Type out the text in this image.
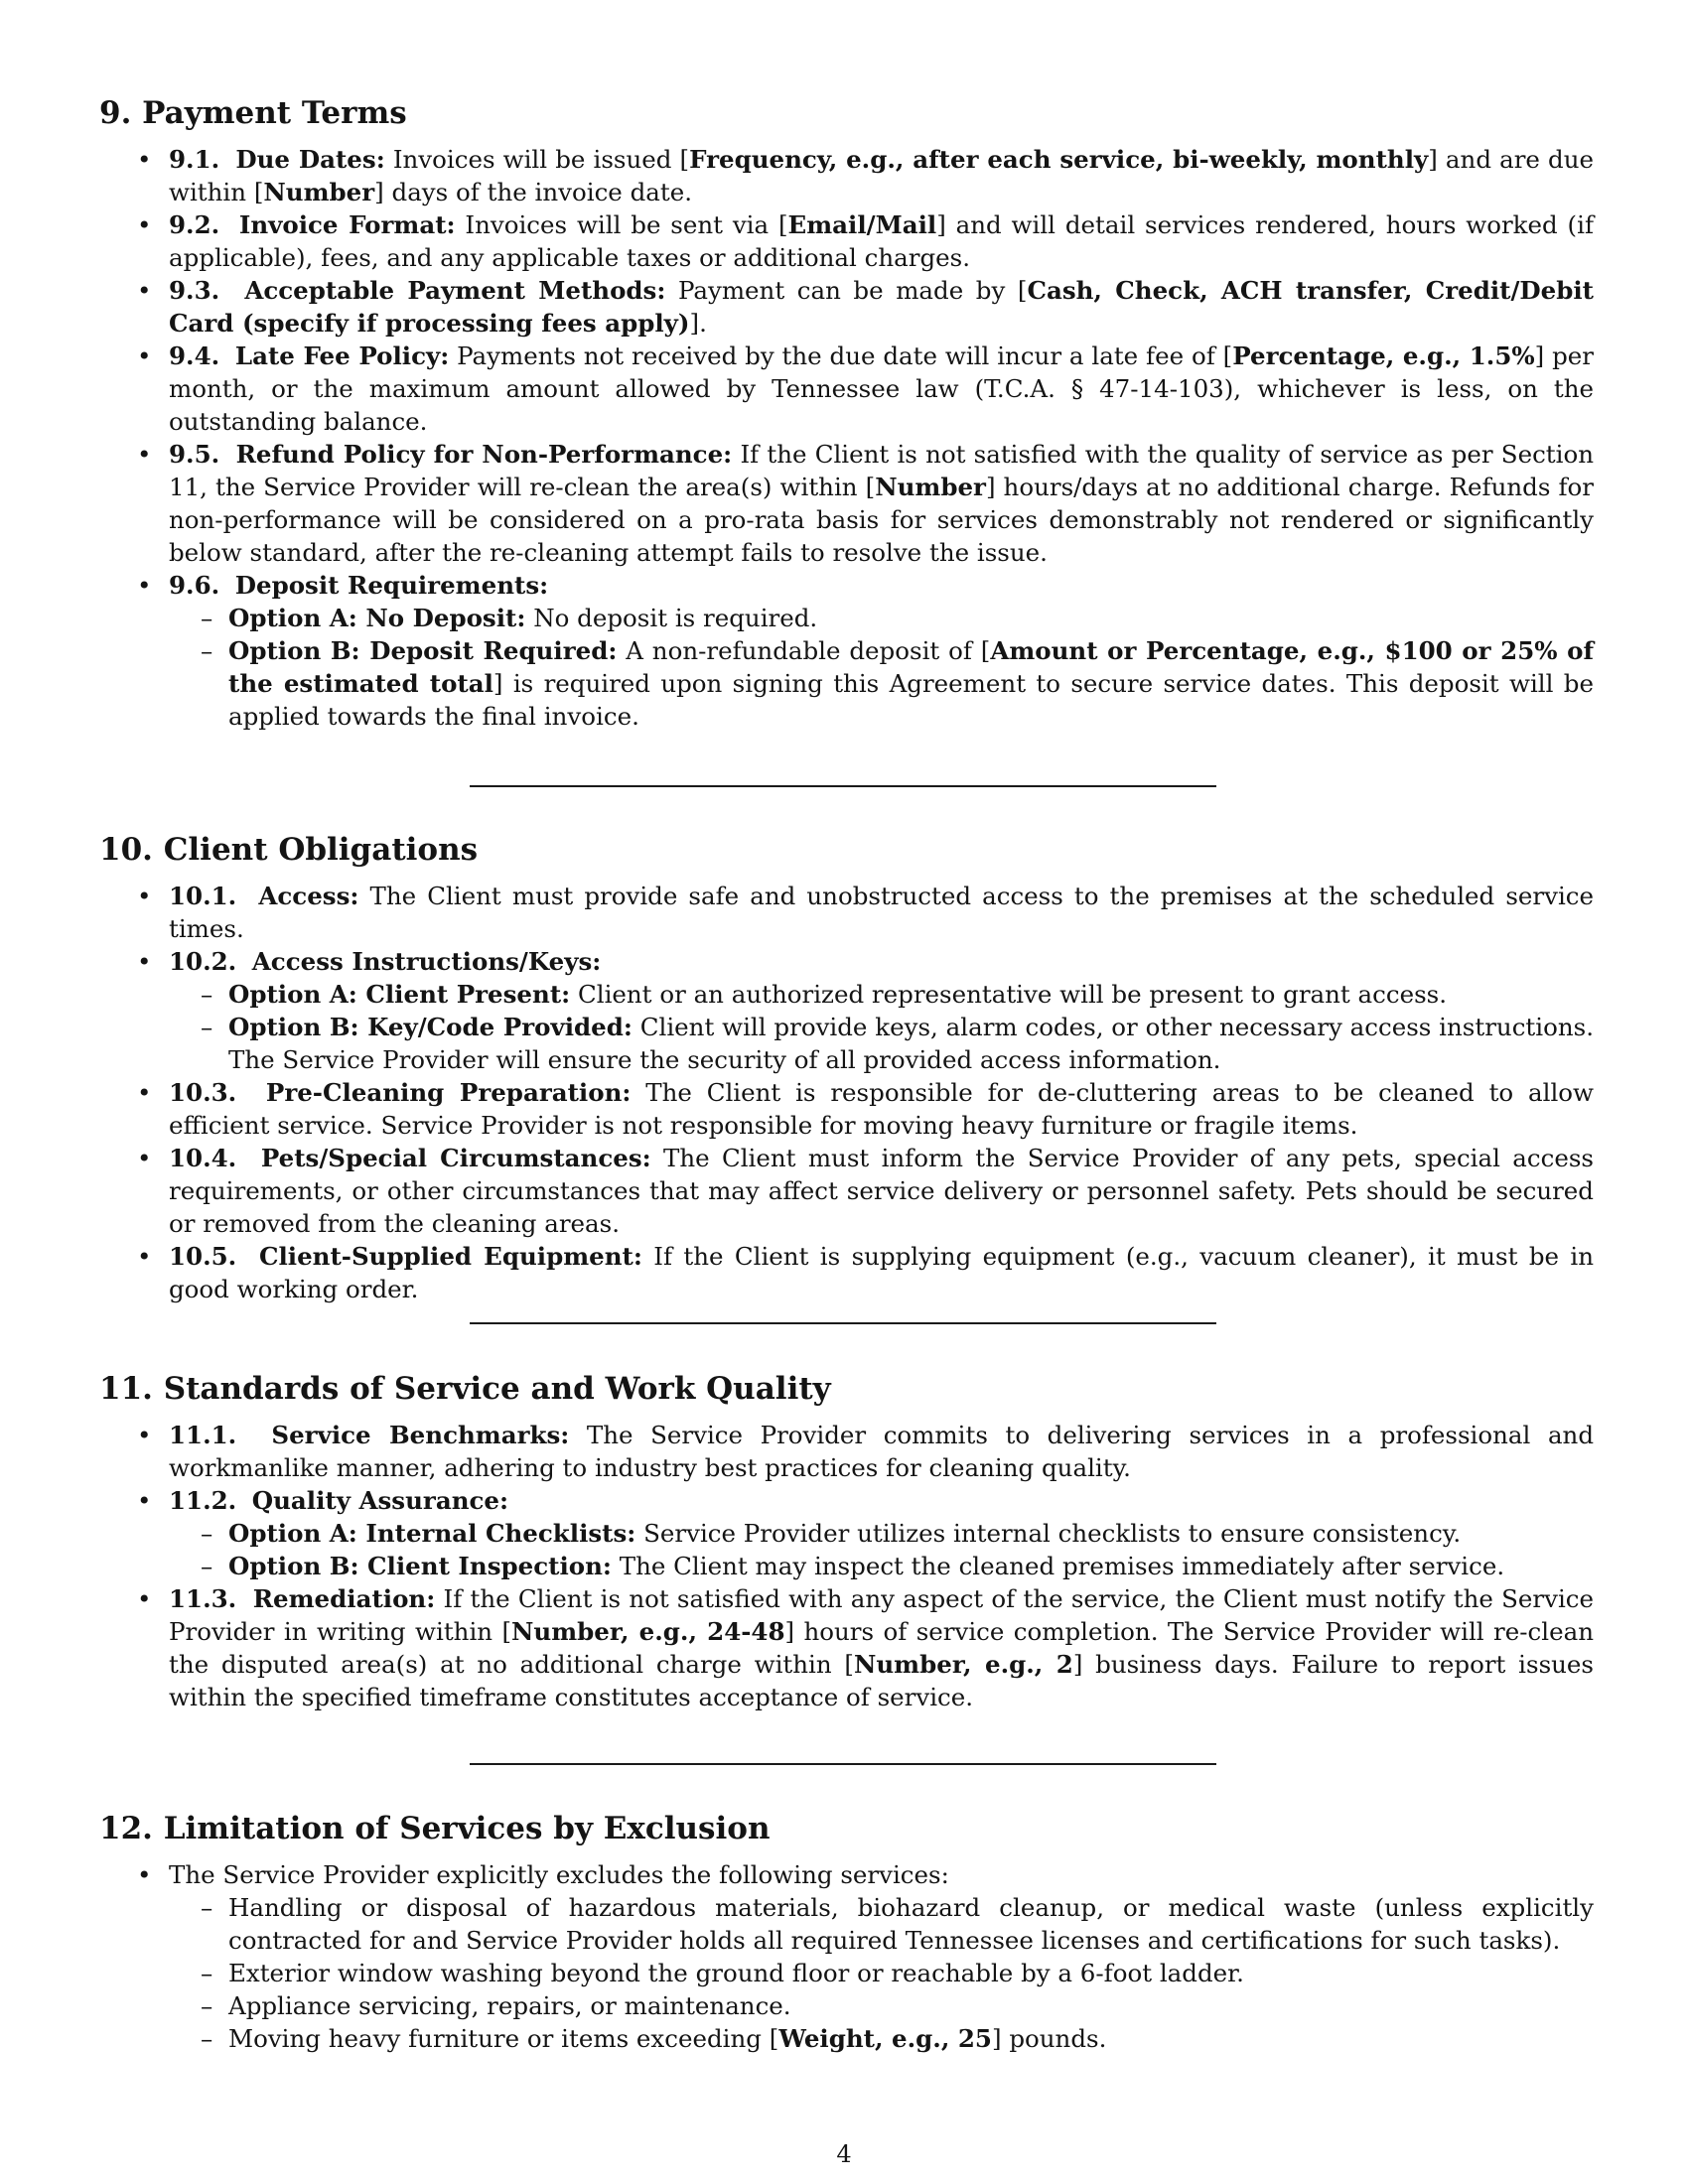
9. Payment Terms
• 9.1. Due Dates: Invoices will be issued [Frequency, e.g., after each service, bi-weekly, monthly] and are due within [Number] days of the invoice date.
• 9.2. Invoice Format: Invoices will be sent via [Email/Mail] and will detail services rendered, hours worked (if applicable), fees, and any applicable taxes or additional charges.
• 9.3. Acceptable Payment Methods: Payment can be made by [Cash, Check, ACH transfer, Credit/Debit Card (specify if processing fees apply)].
• 9.4. Late Fee Policy: Payments not received by the due date will incur a late fee of [Percentage, e.g., 1.5%] per month, or the maximum amount allowed by Tennessee law (T.C.A. § 47-14-103), whichever is less, on the outstanding balance.
• 9.5. Refund Policy for Non-Performance: If the Client is not satisfied with the quality of service as per Section 11, the Service Provider will re-clean the area(s) within [Number] hours/days at no additional charge. Refunds for non-performance will be considered on a pro-rata basis for services demonstrably not rendered or significantly below standard, after the re-cleaning attempt fails to resolve the issue.
• 9.6. Deposit Requirements:
– Option A: No Deposit: No deposit is required.
– Option B: Deposit Required: A non-refundable deposit of [Amount or Percentage, e.g., $100 or 25% of the estimated total] is required upon signing this Agreement to secure service dates. This deposit will be applied towards the final invoice.
10. Client Obligations
• 10.1. Access: The Client must provide safe and unobstructed access to the premises at the scheduled service times.
• 10.2. Access Instructions/Keys:
– Option A: Client Present: Client or an authorized representative will be present to grant access.
– Option B: Key/Code Provided: Client will provide keys, alarm codes, or other necessary access instructions. The Service Provider will ensure the security of all provided access information.
• 10.3. Pre-Cleaning Preparation: The Client is responsible for de-cluttering areas to be cleaned to allow efficient service. Service Provider is not responsible for moving heavy furniture or fragile items.
• 10.4. Pets/Special Circumstances: The Client must inform the Service Provider of any pets, special access requirements, or other circumstances that may affect service delivery or personnel safety. Pets should be secured or removed from the cleaning areas.
• 10.5. Client-Supplied Equipment: If the Client is supplying equipment (e.g., vacuum cleaner), it must be in good working order.
11. Standards of Service and Work Quality
• 11.1. Service Benchmarks: The Service Provider commits to delivering services in a professional and workmanlike manner, adhering to industry best practices for cleaning quality.
• 11.2. Quality Assurance:
– Option A: Internal Checklists: Service Provider utilizes internal checklists to ensure consistency.
– Option B: Client Inspection: The Client may inspect the cleaned premises immediately after service.
• 11.3. Remediation: If the Client is not satisfied with any aspect of the service, the Client must notify the Service Provider in writing within [Number, e.g., 24-48] hours of service completion. The Service Provider will re-clean the disputed area(s) at no additional charge within [Number, e.g., 2] business days. Failure to report issues within the specified timeframe constitutes acceptance of service.
12. Limitation of Services by Exclusion
• The Service Provider explicitly excludes the following services:
– Handling or disposal of hazardous materials, biohazard cleanup, or medical waste (unless explicitly contracted for and Service Provider holds all required Tennessee licenses and certifications for such tasks).
– Exterior window washing beyond the ground floor or reachable by a 6-foot ladder.
– Appliance servicing, repairs, or maintenance.
– Moving heavy furniture or items exceeding [Weight, e.g., 25] pounds.
4
